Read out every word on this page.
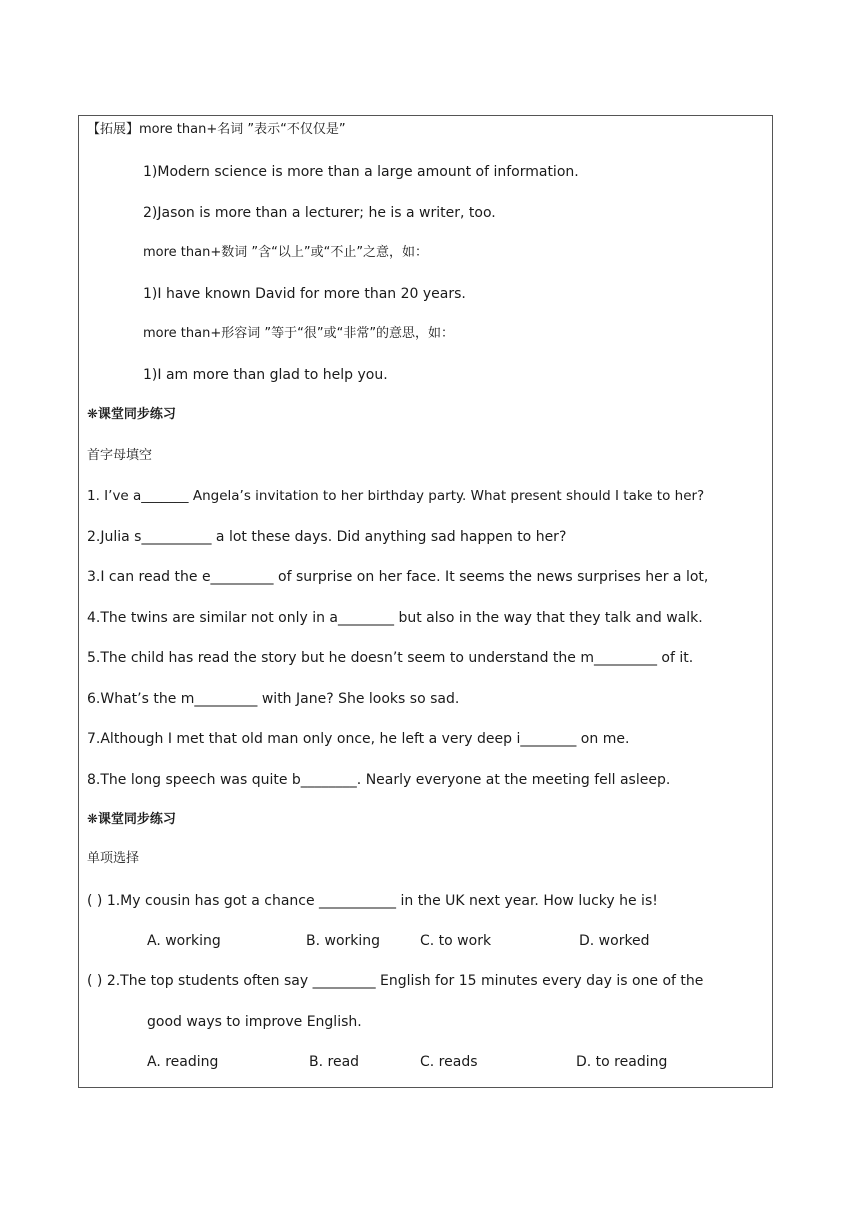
【拓展】more than+名词 ”表示“不仅仅是”
1)Modern science is more than a large amount of information.
2)Jason is more than a lecturer; he is a writer, too.
more than+数词 ”含“以上”或“不止”之意，如：
1)I have known David for more than 20 years.
more than+形容词 ”等于“很”或“非常”的意思，如：
1)I am more than glad to help you.
❋课堂同步练习
首字母填空
1. I’ve a_______ Angela’s invitation to her birthday party. What present should I take to her?
2.Julia s__________ a lot these days. Did anything sad happen to her?
3.I can read the e_________ of surprise on her face. It seems the news surprises her a lot,
4.The twins are similar not only in a________ but also in the way that they talk and walk.
5.The child has read the story but he doesn’t seem to understand the m_________ of it.
6.What’s the m_________ with Jane? She looks so sad.
7.Although I met that old man only once, he left a very deep i________ on me.
8.The long speech was quite b________. Nearly everyone at the meeting fell asleep.
❋课堂同步练习
单项选择
( ) 1.My cousin has got a chance ___________ in the UK next year. How lucky he is!
A. working	B. working	C. to work	D. worked
( ) 2.The top students often say _________ English for 15 minutes every day is one of the
good ways to improve English.
A. reading	B. read	C. reads	D. to reading
